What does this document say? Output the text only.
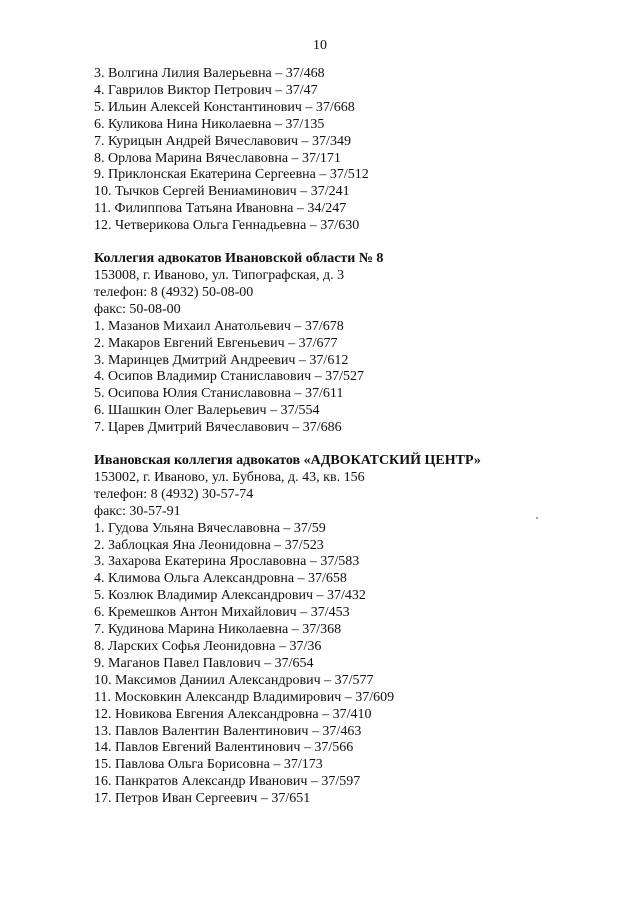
10
3. Волгина Лилия Валерьевна – 37/468
4. Гаврилов Виктор Петрович – 37/47
5. Ильин Алексей Константинович – 37/668
6. Куликова Нина Николаевна – 37/135
7. Курицын Андрей Вячеславович – 37/349
8. Орлова Марина Вячеславовна – 37/171
9. Приклонская Екатерина Сергеевна – 37/512
10. Тычков Сергей Вениаминович – 37/241
11. Филиппова Татьяна Ивановна – 34/247
12. Четверикова Ольга Геннадьевна – 37/630
Коллегия адвокатов Ивановской области № 8
153008, г. Иваново, ул. Типографская, д. 3
телефон: 8 (4932) 50-08-00
факс: 50-08-00
1. Мазанов Михаил Анатольевич – 37/678
2. Макаров Евгений Евгеньевич – 37/677
3. Маринцев Дмитрий Андреевич – 37/612
4. Осипов Владимир Станиславович – 37/527
5. Осипова Юлия Станиславовна – 37/611
6. Шашкин Олег Валерьевич – 37/554
7. Царев Дмитрий Вячеславович – 37/686
Ивановская коллегия адвокатов «АДВОКАТСКИЙ ЦЕНТР»
153002, г. Иваново, ул. Бубнова, д. 43, кв. 156
телефон: 8 (4932) 30-57-74
факс: 30-57-91
1. Гудова Ульяна Вячеславовна – 37/59
2. Заблоцкая Яна Леонидовна – 37/523
3. Захарова Екатерина Ярославовна – 37/583
4. Климова Ольга Александровна – 37/658
5. Козлюк Владимир Александрович – 37/432
6. Кремешков Антон Михайлович – 37/453
7. Кудинова Марина Николаевна – 37/368
8. Ларских Софья Леонидовна – 37/36
9. Маганов Павел Павлович – 37/654
10. Максимов Даниил Александрович – 37/577
11. Московкин Александр Владимирович – 37/609
12. Новикова Евгения Александровна – 37/410
13. Павлов Валентин Валентинович – 37/463
14. Павлов Евгений Валентинович – 37/566
15. Павлова Ольга Борисовна – 37/173
16. Панкратов Александр Иванович – 37/597
17. Петров Иван Сергеевич – 37/651
